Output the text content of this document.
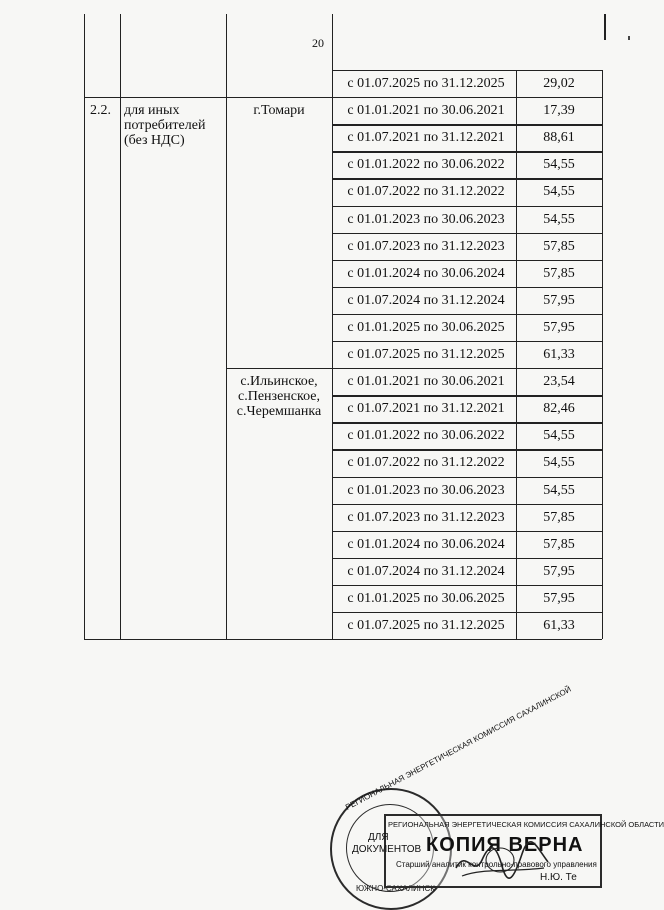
20
с 01.07.2025 по 31.12.2025	29,02
2.2. для иных
потребителей
(без НДС)
г.Томари	с 01.01.2021 по 30.06.2021	17,39
с 01.07.2021 по 31.12.2021	88,61
с 01.01.2022 по 30.06.2022	54,55
с 01.07.2022 по 31.12.2022	54,55
с 01.01.2023 по 30.06.2023	54,55
с 01.07.2023 по 31.12.2023	57,85
с 01.01.2024 по 30.06.2024	57,85
с 01.07.2024 по 31.12.2024	57,95
с 01.01.2025 по 30.06.2025	57,95
с 01.07.2025 по 31.12.2025	61,33
с.Ильинское,
с.Пензенское,
с.Черемшанка
с 01.01.2021 по 30.06.2021	23,54
с 01.07.2021 по 31.12.2021	82,46
с 01.01.2022 по 30.06.2022	54,55
с 01.07.2022 по 31.12.2022	54,55
с 01.01.2023 по 30.06.2023	54,55
с 01.07.2023 по 31.12.2023	57,85
с 01.01.2024 по 30.06.2024	57,85
с 01.07.2024 по 31.12.2024	57,95
с 01.01.2025 по 30.06.2025	57,95
с 01.07.2025 по 31.12.2025	61,33
РЕГИОНАЛЬНАЯ ЭНЕРГЕТИЧЕСКАЯ КОМИССИЯ САХАЛИНСКОЙ
ЮЖНО-САХАЛИНСК
РЕГИОНАЛЬНАЯ ЭНЕРГЕТИЧЕСКАЯ КОМИССИЯ САХАЛИНСКОЙ ОБЛАСТИ
ДЛЯ
ДОКУМЕНТОВ КОПИЯ ВЕРНА
Старший аналитик контрольно-правового управления
Н.Ю. Те
